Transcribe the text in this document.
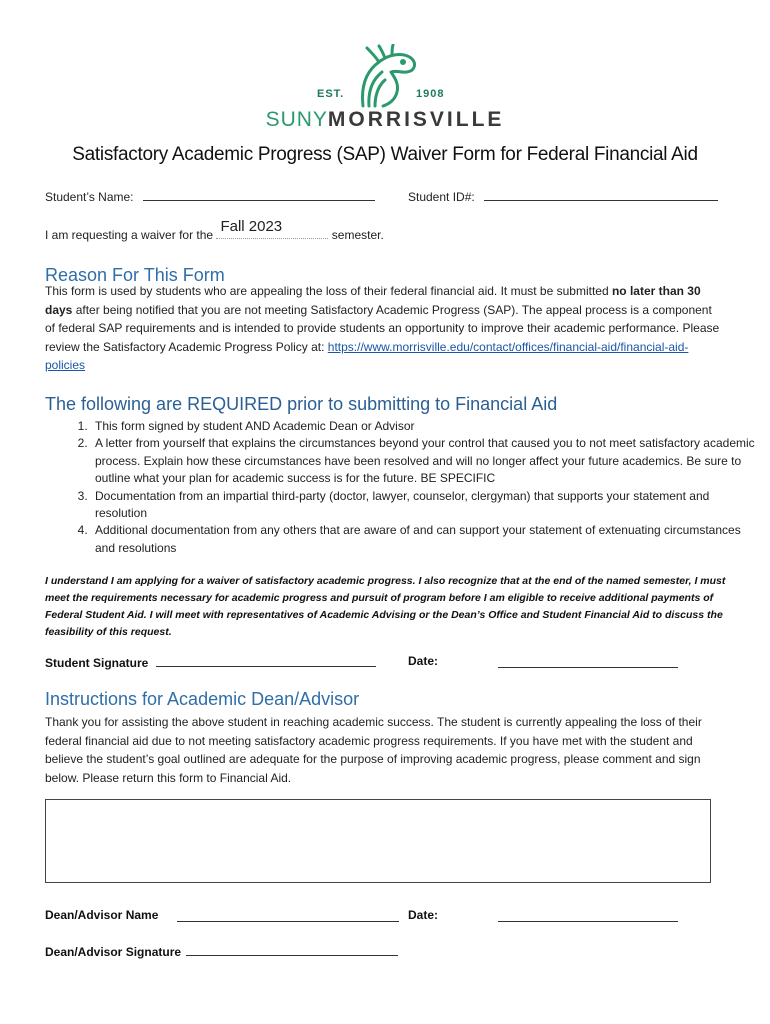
EST.	1908
SUNYMORRISVILLE
Satisfactory Academic Progress (SAP) Waiver Form for Federal Financial Aid
Student’s Name:	Student ID#:
I am requesting a waiver for the Fall 2023	semester.
Reason For This Form
This form is used by students who are appealing the loss of their federal financial aid. It must be submitted no later than 30 days after being notified that you are not meeting Satisfactory Academic Progress (SAP). The appeal process is a component of federal SAP requirements and is intended to provide students an opportunity to improve their academic performance. Please review the Satisfactory Academic Progress Policy at: https://www.morrisville.edu/contact/offices/financial-aid/financial-aid-policies
The following are REQUIRED prior to submitting to Financial Aid
1. This form signed by student AND Academic Dean or Advisor
2. A letter from yourself that explains the circumstances beyond your control that caused you to not meet satisfactory academic process. Explain how these circumstances have been resolved and will no longer affect your future academics. Be sure to outline what your plan for academic success is for the future. BE SPECIFIC
3. Documentation from an impartial third-party (doctor, lawyer, counselor, clergyman) that supports your statement and resolution
4. Additional documentation from any others that are aware of and can support your statement of extenuating circumstances and resolutions
I understand I am applying for a waiver of satisfactory academic progress. I also recognize that at the end of the named semester, I must meet the requirements necessary for academic progress and pursuit of program before I am eligible to receive additional payments of Federal Student Aid. I will meet with representatives of Academic Advising or the Dean’s Office and Student Financial Aid to discuss the feasibility of this request.
Student Signature	Date:
Instructions for Academic Dean/Advisor
Thank you for assisting the above student in reaching academic success. The student is currently appealing the loss of their federal financial aid due to not meeting satisfactory academic progress requirements. If you have met with the student and believe the student’s goal outlined are adequate for the purpose of improving academic progress, please comment and sign below. Please return this form to Financial Aid.
Dean/Advisor Name	Date:
Dean/Advisor Signature
